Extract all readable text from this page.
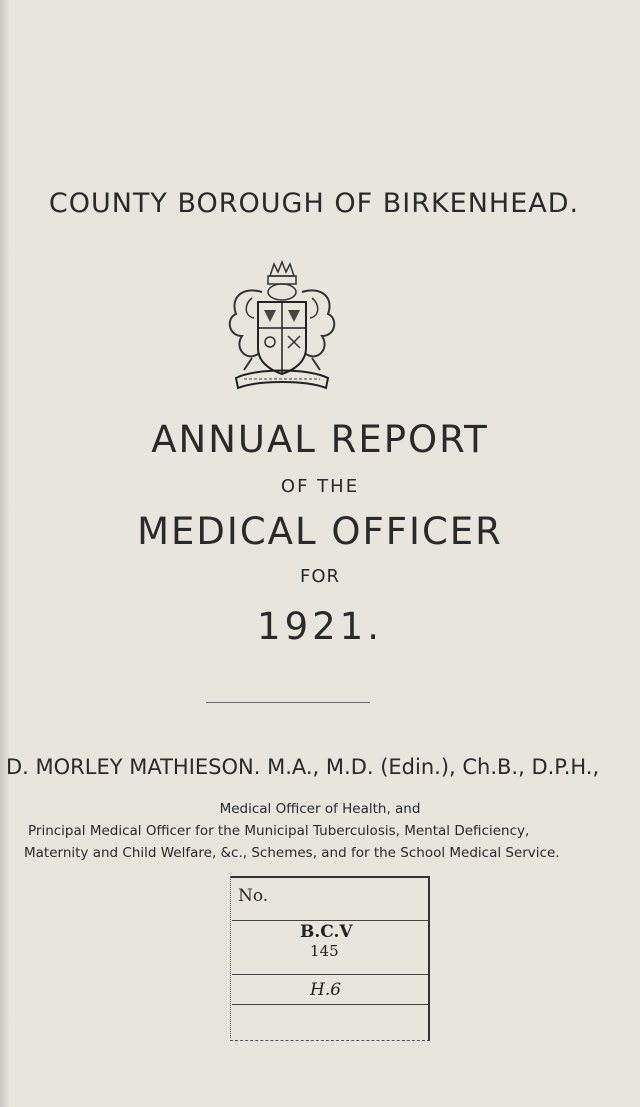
COUNTY BOROUGH OF BIRKENHEAD.
ANNUAL REPORT
OF THE
MEDICAL OFFICER
FOR
1921.
D. MORLEY MATHIESON. M.A., M.D. (Edin.), Ch.B., D.P.H.,
Medical Officer of Health, and
Principal Medical Officer for the Municipal Tuberculosis, Mental Deficiency,
Maternity and Child Welfare, &c., Schemes, and for the School Medical Service.
No.
B.C.V
145
H.6
